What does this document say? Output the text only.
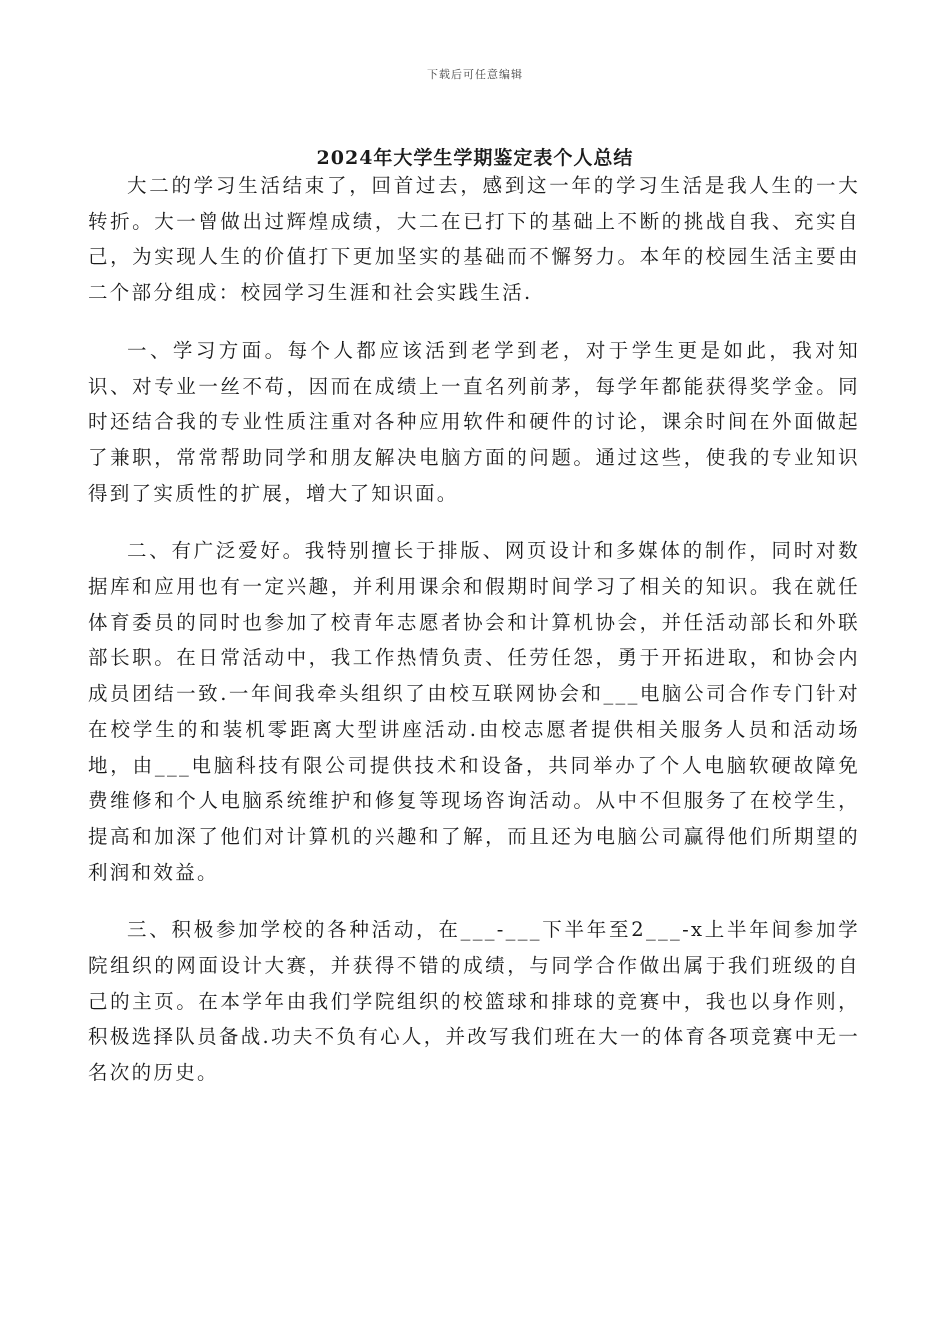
下载后可任意编辑
2024年大学生学期鉴定表个人总结

大二的学习生活结束了，回首过去，感到这一年的学习生活是我人生的一大转折。大一曾做出过辉煌成绩，大二在已打下的基础上不断的挑战自我、充实自己，为实现人生的价值打下更加坚实的基础而不懈努力。本年的校园生活主要由二个部分组成：校园学习生涯和社会实践生活.

一、学习方面。每个人都应该活到老学到老，对于学生更是如此，我对知识、对专业一丝不苟，因而在成绩上一直名列前茅，每学年都能获得奖学金。同时还结合我的专业性质注重对各种应用软件和硬件的讨论，课余时间在外面做起了兼职，常常帮助同学和朋友解决电脑方面的问题。通过这些，使我的专业知识得到了实质性的扩展，增大了知识面。

二、有广泛爱好。我特别擅长于排版、网页设计和多媒体的制作，同时对数据库和应用也有一定兴趣，并利用课余和假期时间学习了相关的知识。我在就任体育委员的同时也参加了校青年志愿者协会和计算机协会，并任活动部长和外联部长职。在日常活动中，我工作热情负责、任劳任怨，勇于开拓进取，和协会内成员团结一致.一年间我牵头组织了由校互联网协会和___电脑公司合作专门针对在校学生的和装机零距离大型讲座活动.由校志愿者提供相关服务人员和活动场地，由___电脑科技有限公司提供技术和设备，共同举办了个人电脑软硬故障免费维修和个人电脑系统维护和修复等现场咨询活动。从中不但服务了在校学生，提高和加深了他们对计算机的兴趣和了解，而且还为电脑公司赢得他们所期望的利润和效益。

三、积极参加学校的各种活动，在___-___下半年至2___-x上半年间参加学院组织的网面设计大赛，并获得不错的成绩，与同学合作做出属于我们班级的自己的主页。在本学年由我们学院组织的校篮球和排球的竞赛中，我也以身作则，积极选择队员备战.功夫不负有心人，并改写我们班在大一的体育各项竞赛中无一名次的历史。
